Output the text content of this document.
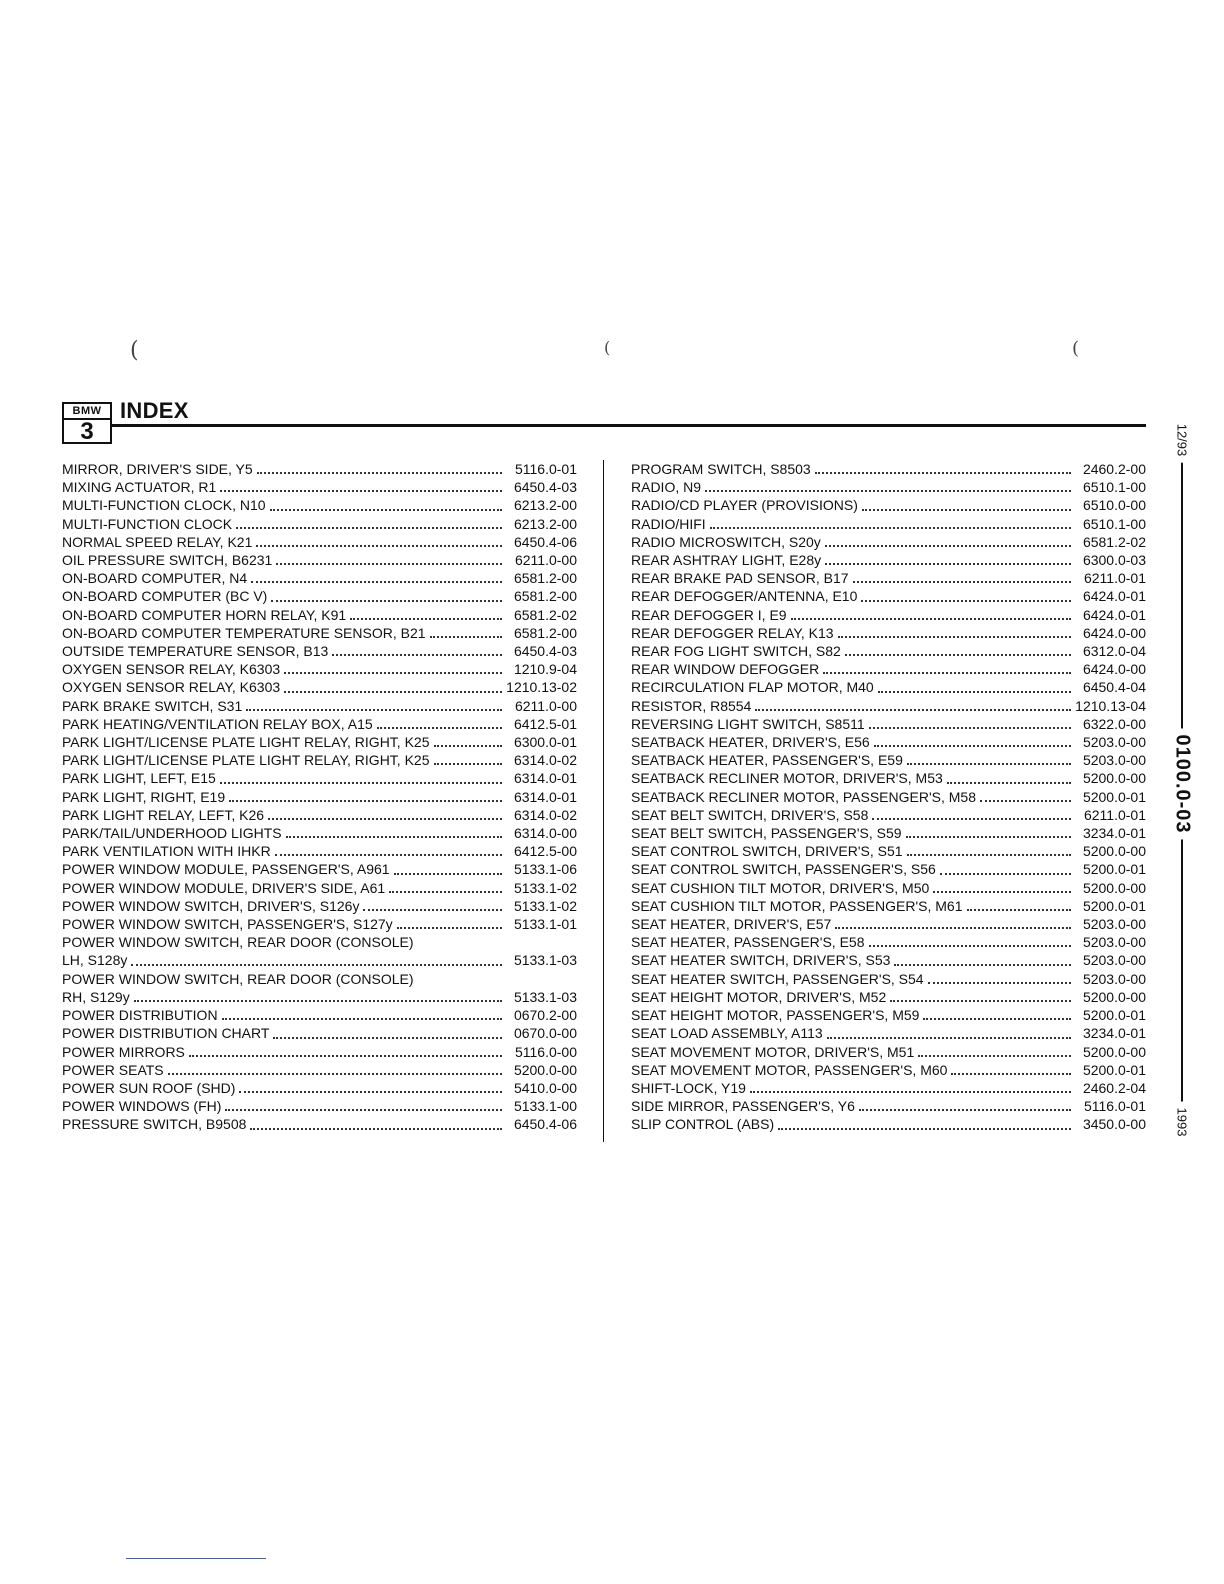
(	(	(
BMW
3
INDEX
MIRROR, DRIVER'S SIDE, Y5	5116.0-01
MIXING ACTUATOR, R1	6450.4-03
MULTI-FUNCTION CLOCK, N10	6213.2-00
MULTI-FUNCTION CLOCK	6213.2-00
NORMAL SPEED RELAY, K21	6450.4-06
OIL PRESSURE SWITCH, B6231	6211.0-00
ON-BOARD COMPUTER, N4	6581.2-00
ON-BOARD COMPUTER (BC V)	6581.2-00
ON-BOARD COMPUTER HORN RELAY, K91	6581.2-02
ON-BOARD COMPUTER TEMPERATURE SENSOR, B21	6581.2-00
OUTSIDE TEMPERATURE SENSOR, B13	6450.4-03
OXYGEN SENSOR RELAY, K6303	1210.9-04
OXYGEN SENSOR RELAY, K6303	1210.13-02
PARK BRAKE SWITCH, S31	6211.0-00
PARK HEATING/VENTILATION RELAY BOX, A15	6412.5-01
PARK LIGHT/LICENSE PLATE LIGHT RELAY, RIGHT, K25	6300.0-01
PARK LIGHT/LICENSE PLATE LIGHT RELAY, RIGHT, K25	6314.0-02
PARK LIGHT, LEFT, E15	6314.0-01
PARK LIGHT, RIGHT, E19	6314.0-01
PARK LIGHT RELAY, LEFT, K26	6314.0-02
PARK/TAIL/UNDERHOOD LIGHTS	6314.0-00
PARK VENTILATION WITH IHKR	6412.5-00
POWER WINDOW MODULE, PASSENGER'S, A961	5133.1-06
POWER WINDOW MODULE, DRIVER'S SIDE, A61	5133.1-02
POWER WINDOW SWITCH, DRIVER'S, S126y	5133.1-02
POWER WINDOW SWITCH, PASSENGER'S, S127y	5133.1-01
POWER WINDOW SWITCH, REAR DOOR (CONSOLE)
LH, S128y	5133.1-03
POWER WINDOW SWITCH, REAR DOOR (CONSOLE)
RH, S129y	5133.1-03
POWER DISTRIBUTION	0670.2-00
POWER DISTRIBUTION CHART	0670.0-00
POWER MIRRORS	5116.0-00
POWER SEATS	5200.0-00
POWER SUN ROOF (SHD)	5410.0-00
POWER WINDOWS (FH)	5133.1-00
PRESSURE SWITCH, B9508	6450.4-06
PROGRAM SWITCH, S8503	2460.2-00
RADIO, N9	6510.1-00
RADIO/CD PLAYER (PROVISIONS)	6510.0-00
RADIO/HIFI	6510.1-00
RADIO MICROSWITCH, S20y	6581.2-02
REAR ASHTRAY LIGHT, E28y	6300.0-03
REAR BRAKE PAD SENSOR, B17	6211.0-01
REAR DEFOGGER/ANTENNA, E10	6424.0-01
REAR DEFOGGER I, E9	6424.0-01
REAR DEFOGGER RELAY, K13	6424.0-00
REAR FOG LIGHT SWITCH, S82	6312.0-04
REAR WINDOW DEFOGGER	6424.0-00
RECIRCULATION FLAP MOTOR, M40	6450.4-04
RESISTOR, R8554	1210.13-04
REVERSING LIGHT SWITCH, S8511	6322.0-00
SEATBACK HEATER, DRIVER'S, E56	5203.0-00
SEATBACK HEATER, PASSENGER'S, E59	5203.0-00
SEATBACK RECLINER MOTOR, DRIVER'S, M53	5200.0-00
SEATBACK RECLINER MOTOR, PASSENGER'S, M58	5200.0-01
SEAT BELT SWITCH, DRIVER'S, S58	6211.0-01
SEAT BELT SWITCH, PASSENGER'S, S59	3234.0-01
SEAT CONTROL SWITCH, DRIVER'S, S51	5200.0-00
SEAT CONTROL SWITCH, PASSENGER'S, S56	5200.0-01
SEAT CUSHION TILT MOTOR, DRIVER'S, M50	5200.0-00
SEAT CUSHION TILT MOTOR, PASSENGER'S, M61	5200.0-01
SEAT HEATER, DRIVER'S, E57	5203.0-00
SEAT HEATER, PASSENGER'S, E58	5203.0-00
SEAT HEATER SWITCH, DRIVER'S, S53	5203.0-00
SEAT HEATER SWITCH, PASSENGER'S, S54	5203.0-00
SEAT HEIGHT MOTOR, DRIVER'S, M52	5200.0-00
SEAT HEIGHT MOTOR, PASSENGER'S, M59	5200.0-01
SEAT LOAD ASSEMBLY, A113	3234.0-01
SEAT MOVEMENT MOTOR, DRIVER'S, M51	5200.0-00
SEAT MOVEMENT MOTOR, PASSENGER'S, M60	5200.0-01
SHIFT-LOCK, Y19	2460.2-04
SIDE MIRROR, PASSENGER'S, Y6	5116.0-01
SLIP CONTROL (ABS)	3450.0-00
12/93
0100.0-03
1993
